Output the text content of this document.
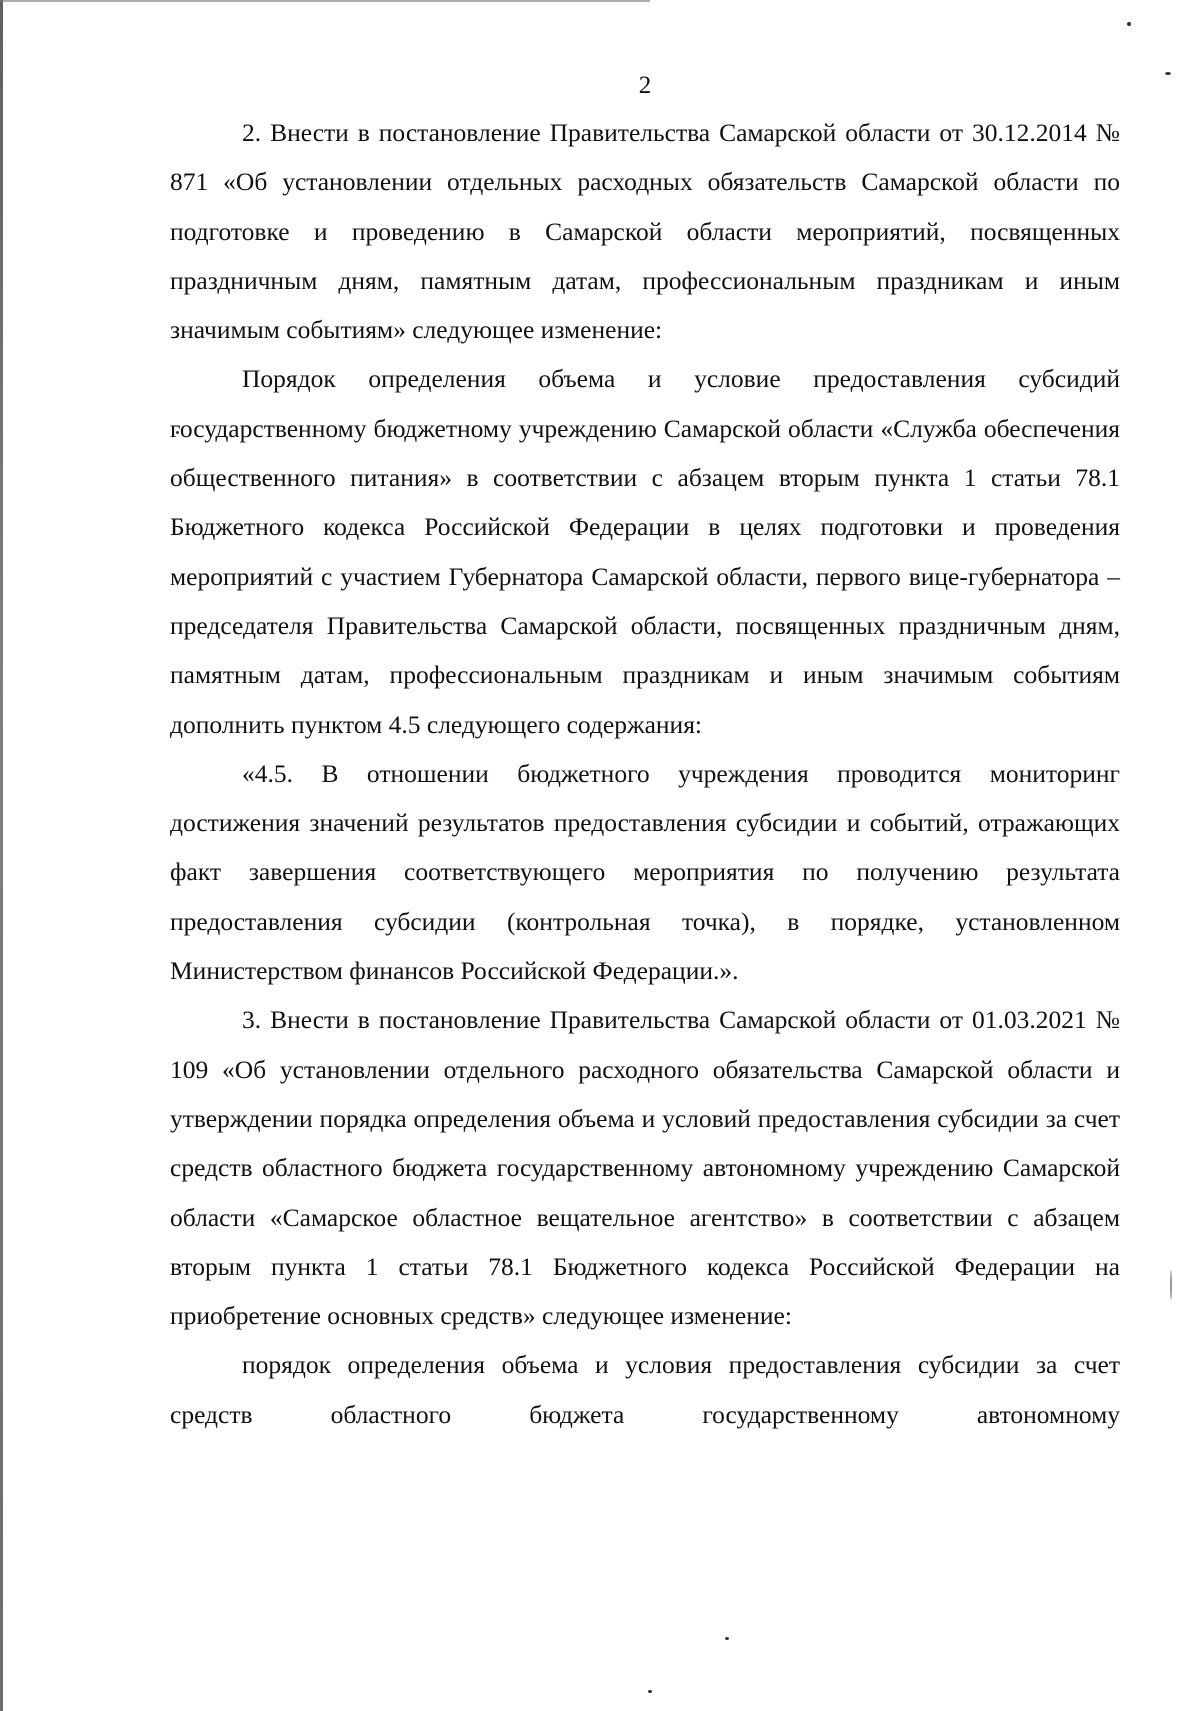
2

2. Внести в постановление Правительства Самарской области от 30.12.2014 № 871 «Об установлении отдельных расходных обязательств Самарской области по подготовке и проведению в Самарской области мероприятий, посвященных праздничным дням, памятным датам, профессиональным праздникам и иным значимым событиям» следующее изменение:

Порядок определения объема и условие предоставления субсидий государственному бюджетному учреждению Самарской области «Служба обеспечения общественного питания» в соответствии с абзацем вторым пункта 1 статьи 78.1 Бюджетного кодекса Российской Федерации в целях подготовки и проведения мероприятий с участием Губернатора Самарской области, первого вице-губернатора – председателя Правительства Самарской области, посвященных праздничным дням, памятным датам, профессиональным праздникам и иным значимым событиям дополнить пунктом 4.5 следующего содержания:

«4.5. В отношении бюджетного учреждения проводится мониторинг достижения значений результатов предоставления субсидии и событий, отражающих факт завершения соответствующего мероприятия по получению результата предоставления субсидии (контрольная точка), в порядке, установленном Министерством финансов Российской Федерации.».

3. Внести в постановление Правительства Самарской области от 01.03.2021 № 109 «Об установлении отдельного расходного обязательства Самарской области и утверждении порядка определения объема и условий предоставления субсидии за счет средств областного бюджета государственному автономному учреждению Самарской области «Самарское областное вещательное агентство» в соответствии с абзацем вторым пункта 1 статьи 78.1 Бюджетного кодекса Российской Федерации на приобретение основных средств» следующее изменение:

порядок определения объема и условия предоставления субсидии за счет средств областного бюджета государственному автономному
